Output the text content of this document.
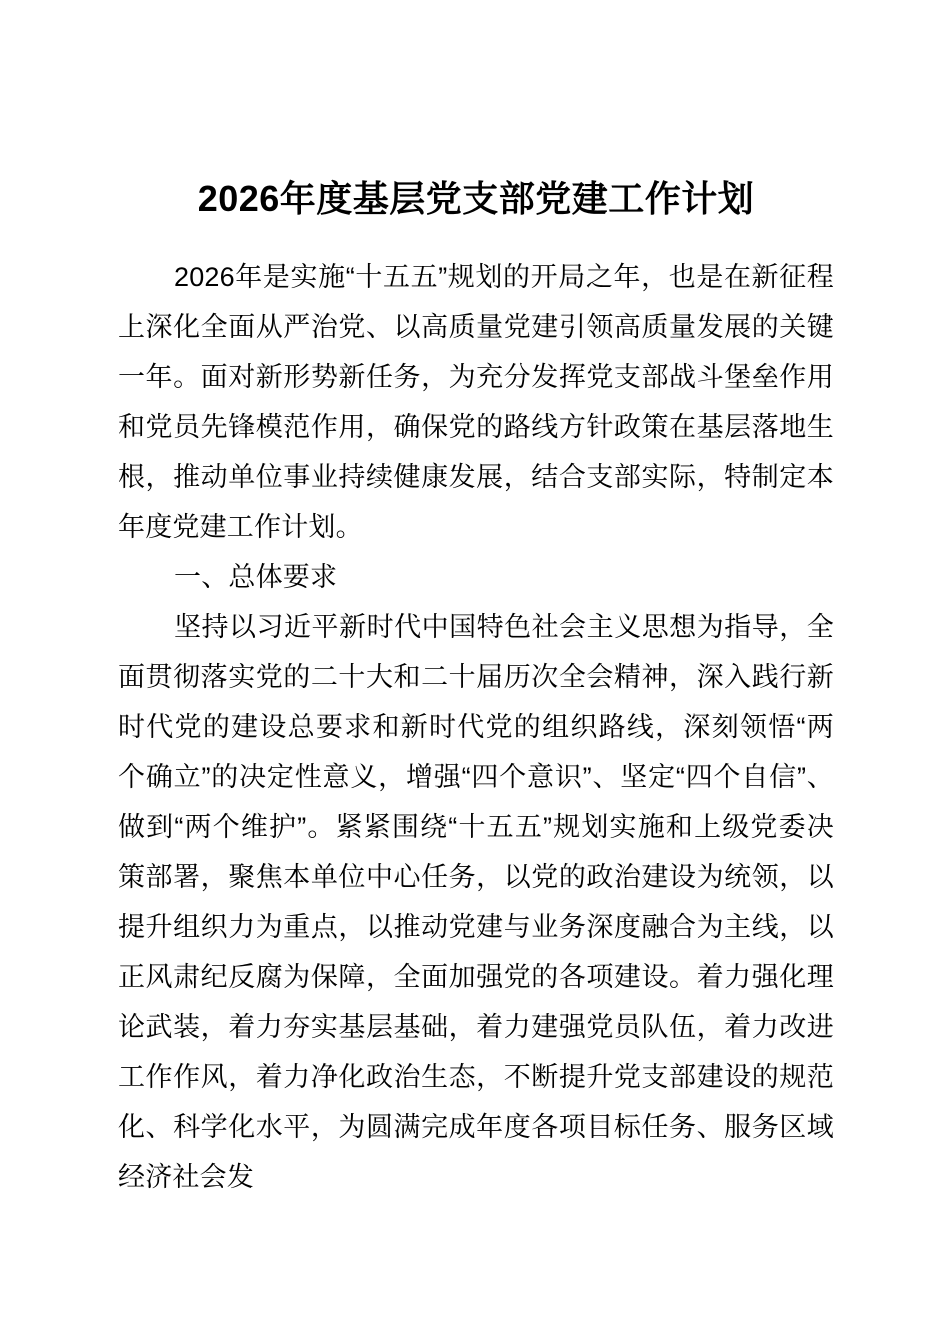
2026年度基层党支部党建工作计划

2026年是实施“十五五”规划的开局之年，也是在新征程上深化全面从严治党、以高质量党建引领高质量发展的关键一年。面对新形势新任务，为充分发挥党支部战斗堡垒作用和党员先锋模范作用，确保党的路线方针政策在基层落地生根，推动单位事业持续健康发展，结合支部实际，特制定本年度党建工作计划。

一、总体要求

坚持以习近平新时代中国特色社会主义思想为指导，全面贯彻落实党的二十大和二十届历次全会精神，深入践行新时代党的建设总要求和新时代党的组织路线，深刻领悟“两个确立”的决定性意义，增强“四个意识”、坚定“四个自信”、做到“两个维护”。紧紧围绕“十五五”规划实施和上级党委决策部署，聚焦本单位中心任务，以党的政治建设为统领，以提升组织力为重点，以推动党建与业务深度融合为主线，以正风肃纪反腐为保障，全面加强党的各项建设。着力强化理论武装，着力夯实基层基础，着力建强党员队伍，着力改进工作作风，着力净化政治生态，不断提升党支部建设的规范化、科学化水平，为圆满完成年度各项目标任务、服务区域经济社会发
